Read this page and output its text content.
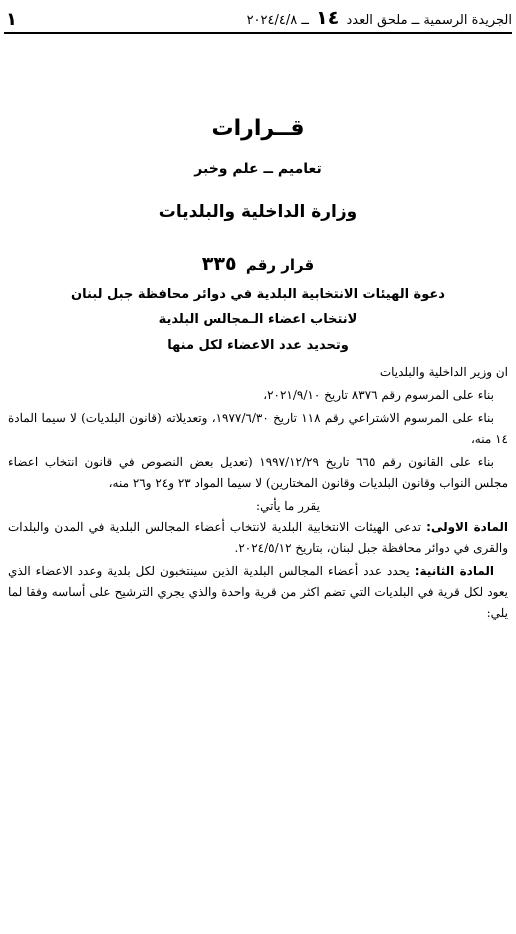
الجريدة الرسمية ــ ملحق العدد ١٤ ــ ٢٠٢٤/٤/٨
١
قــرارات
تعاميم ــ علم وخبر
وزارة الداخلية والبلديات
قرار رقم ٣٣٥
دعوة الهيئات الانتخابية البلدية في دوائر محافظة جبل لبنان
لانتخاب اعضاء الـمجالس البلدية
وتحديد عدد الاعضاء لكل منها

ان وزير الداخلية والبلديات

بناء على المرسوم رقم ٨٣٧٦ تاريخ ٢٠٢١/٩/١٠،

بناء على المرسوم الاشتراعي رقم ١١٨ تاريخ ١٩٧٧/٦/٣٠، وتعديلاته (قانون البلديات) لا سيما المادة ١٤ منه،

بناء على القانون رقم ٦٦٥ تاريخ ١٩٩٧/١٢/٢٩ (تعديل بعض النصوص في قانون انتخاب اعضاء مجلس النواب وقانون البلديات وقانون المختارين) لا سيما المواد ٢٣ و٢٤ و٢٦ منه،

يقرر ما يأتي:

المادة الاولى: تدعى الهيئات الانتخابية البلدية لانتخاب أعضاء المجالس البلدية في المدن والبلدات والقرى في دوائر محافظة جبل لبنان، بتاريخ ٢٠٢٤/٥/١٢.

المادة الثانية: يحدد عدد أعضاء المجالس البلدية الذين سينتخبون لكل بلدية وعدد الاعضاء الذي يعود لكل قرية في البلديات التي تضم اكثر من قرية واحدة والذي يجري الترشيح على أساسه وفقا لما يلي:
